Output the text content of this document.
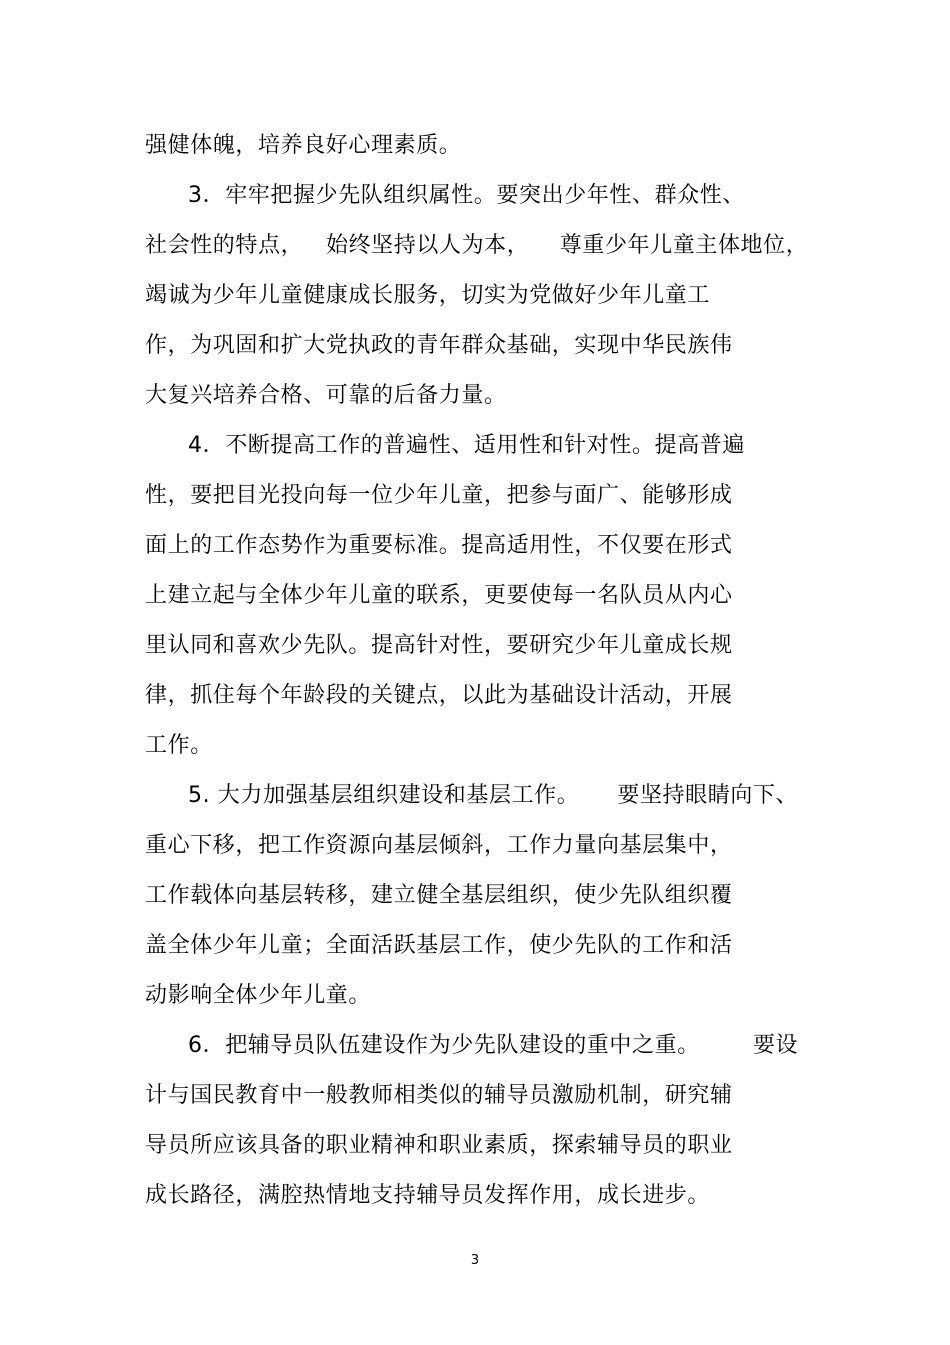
强健体魄，培养良好心理素质。
3．牢牢把握少先队组织属性。要突出少年性、群众性、
社会性的特点，   始终坚持以人为本，    尊重少年儿童主体地位，
竭诚为少年儿童健康成长服务，切实为党做好少年儿童工
作，为巩固和扩大党执政的青年群众基础，实现中华民族伟
大复兴培养合格、可靠的后备力量。
4．不断提高工作的普遍性、适用性和针对性。提高普遍
性，要把目光投向每一位少年儿童，把参与面广、能够形成
面上的工作态势作为重要标准。提高适用性，不仅要在形式
上建立起与全体少年儿童的联系，更要使每一名队员从内心
里认同和喜欢少先队。提高针对性，要研究少年儿童成长规
律，抓住每个年龄段的关键点，以此为基础设计活动，开展
工作。
5. 大力加强基层组织建设和基层工作。     要坚持眼睛向下、
重心下移，把工作资源向基层倾斜，工作力量向基层集中，
工作载体向基层转移，建立健全基层组织，使少先队组织覆
盖全体少年儿童；全面活跃基层工作，使少先队的工作和活
动影响全体少年儿童。
6．把辅导员队伍建设作为少先队建设的重中之重。       要设
计与国民教育中一般教师相类似的辅导员激励机制，研究辅
导员所应该具备的职业精神和职业素质，探索辅导员的职业
成长路径，满腔热情地支持辅导员发挥作用，成长进步。
3
